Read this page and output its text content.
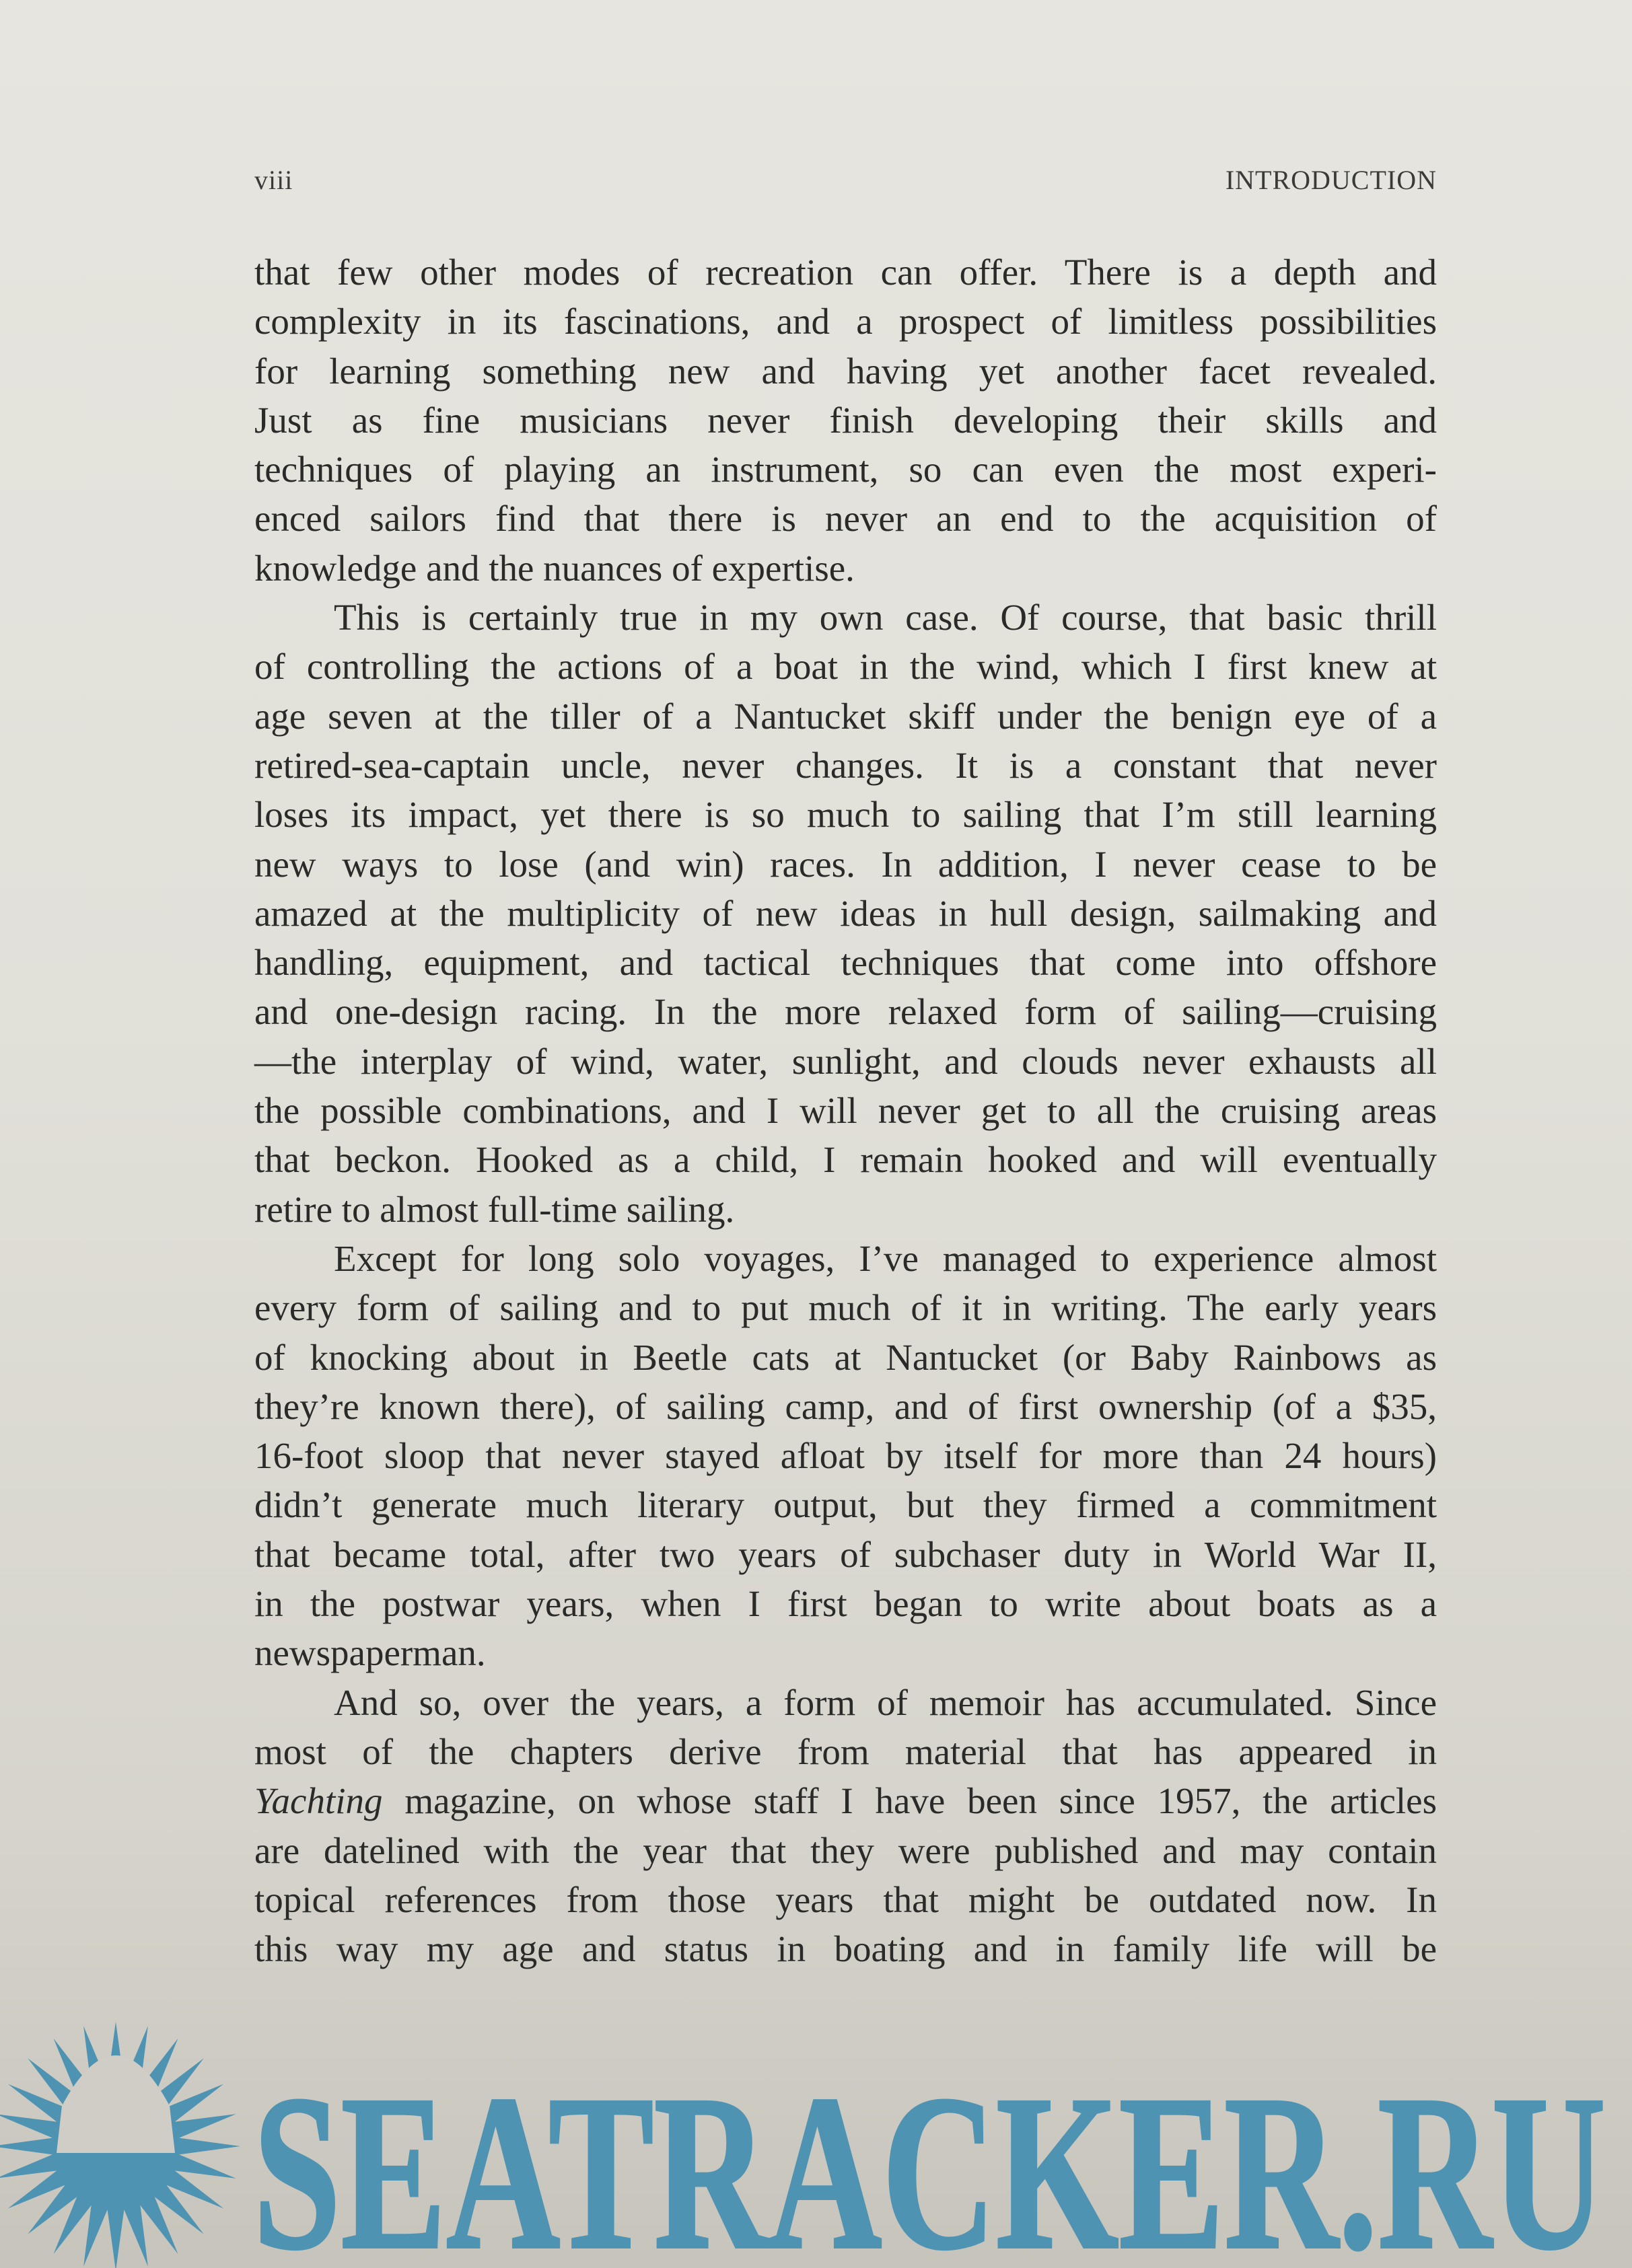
viii	INTRODUCTION
that few other modes of recreation can offer. There is a depth and
complexity in its fascinations, and a prospect of limitless possibilities
for learning something new and having yet another facet revealed.
Just as fine musicians never finish developing their skills and
techniques of playing an instrument, so can even the most experi-
enced sailors find that there is never an end to the acquisition of
knowledge and the nuances of expertise.
This is certainly true in my own case. Of course, that basic thrill
of controlling the actions of a boat in the wind, which I first knew at
age seven at the tiller of a Nantucket skiff under the benign eye of a
retired-sea-captain uncle, never changes. It is a constant that never
loses its impact, yet there is so much to sailing that I’m still learning
new ways to lose (and win) races. In addition, I never cease to be
amazed at the multiplicity of new ideas in hull design, sailmaking and
handling, equipment, and tactical techniques that come into offshore
and one-design racing. In the more relaxed form of sailing—cruising
—the interplay of wind, water, sunlight, and clouds never exhausts all
the possible combinations, and I will never get to all the cruising areas
that beckon. Hooked as a child, I remain hooked and will eventually
retire to almost full-time sailing.
Except for long solo voyages, I’ve managed to experience almost
every form of sailing and to put much of it in writing. The early years
of knocking about in Beetle cats at Nantucket (or Baby Rainbows as
they’re known there), of sailing camp, and of first ownership (of a $35,
16-foot sloop that never stayed afloat by itself for more than 24 hours)
didn’t generate much literary output, but they firmed a commitment
that became total, after two years of subchaser duty in World War II,
in the postwar years, when I first began to write about boats as a
newspaperman.
And so, over the years, a form of memoir has accumulated. Since
most of the chapters derive from material that has appeared in
Yachting magazine, on whose staff I have been since 1957, the articles
are datelined with the year that they were published and may contain
topical references from those years that might be outdated now. In
this way my age and status in boating and in family life will be
SEATRACKER.RU
